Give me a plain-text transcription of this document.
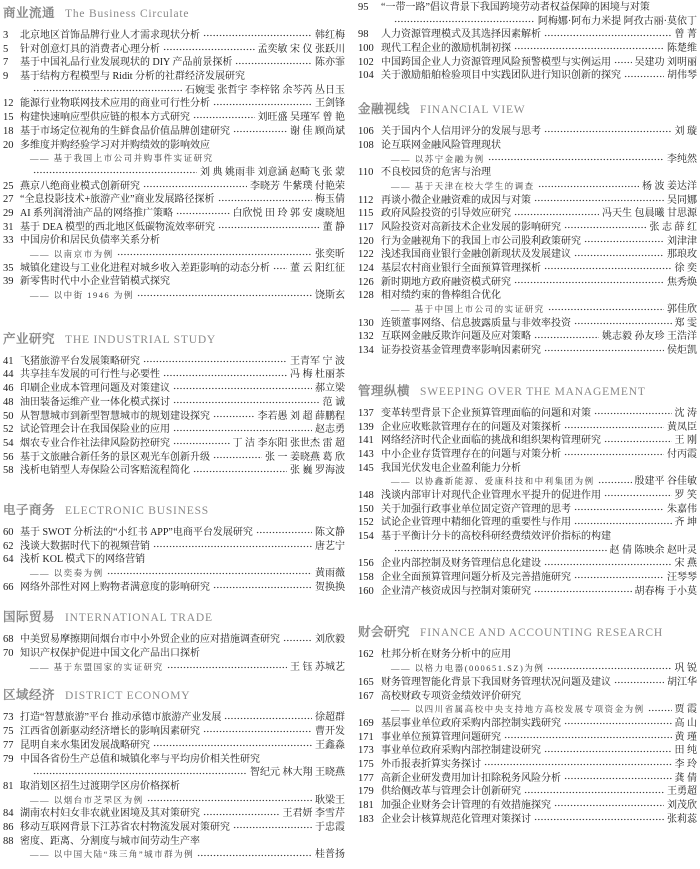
商业流通 The Business Circulate
3	北京地区首饰品牌行业人才需求现状分析	韩红梅
5	针对创意灯具的消费者心理分析	孟奕敏 宋 仪 张跃川
7	基于中国礼品行业发展现状的 DIY 产品前景探析	陈亦霏
9	基于结构方程模型与 Ridit 分析的社群经济发展研究
石婉雯 张哲宇 李梓铭 余芩芮 丛日玉
12 能源行业物联网技术应用的商业可行性分析	王剑锋
15 构建快速响应型供应链的根本方式研究	刘旺盛 吴瑾军 曾 艳
18 基于市场定位视角的生鲜食品价值品牌创建研究	谢 佳 顾尚斌
20 多维度并购经验学习对并购绩效的影响效应
—— 基于我国上市公司并购事件实证研究
刘 典 姚雨非 刘意涵 赵畸飞 张 蒙
25 燕京八绝商业模式创新研究	李晓芳 牛紫璞 付艳荣
27 “全息投影技术+旅游产业”商业发展路径探析	梅玉倩
29 AI 系列润滑油产品的网络推广策略	白欣悦 田 玲 郭 安 虞晓旭
31 基于 DEA 模型的西北地区低碳物流效率研究	董 静
33 中国房价和居民负债率关系分析
—— 以南京市为例	张奕昕
35 城镇化建设与工业化进程对城乡收入差距影响的动态分析 董 云 阳红征
39 新零售时代中小企业营销模式探究
—— 以中街 1946 为例	饶斯玄
产业研究 THE INDUSTRIAL STUDY
41 飞猪旅游平台发展策略研究	王青军 宁 波
44 共享挂车发展的可行性与必要性	冯 梅 杜丽茶
46 印刷企业成本管理问题及对策建议	郝立梁
48 油田装备运维产业一体化模式探讨	范 诚
50 从智慧城市到新型智慧城市的规划建设探究	李若愚 刘 超 薛鹏程
52 试论管理会计在我国保险业的应用	赵志勇
54 烟农专业合作社法律风险防控研究	丁 洁 李东阳 张世杰 雷 超
56 基于文旅融合新任务的景区观光车创新升级	张 一 姜晓燕 葛 欣
58 浅析电销型人寿保险公司客赔流程简化	张 巍 罗海波
电子商务 ELECTRONIC BUSINESS
60 基于 SWOT 分析法的“小红书 APP”电商平台发展研究	陈文静
62 浅谈大数据时代下的视频营销	唐艺宁
64 浅析 KOL 模式下的网络营销
—— 以奕奏为例	黄雨薇
66 网络外部性对网上购物者满意度的影响研究	贺换换
国际贸易 INTERNATIONAL TRADE
68 中美贸易摩擦期间烟台市中小外贸企业的应对措施调查研究	刘欣毅
70 知识产权保护促进中国文化产品出口探析
—— 基于东盟国家的实证研究	王 钰 苏城艺
区域经济 DISTRICT ECONOMY
73 打造“智慧旅游”平台 推动承德市旅游产业发展	徐超群
75 江西省创新驱动经济增长的影响因素研究	曹开发
77 昆明自来水集团发展战略研究	王鑫淼
79 中国各省份生产总值和城镇化率与平均房价相关性研究
智纪元 林大翔 王晓燕
81 取消划区招生过渡期学区房价格探析
—— 以烟台市芝罘区为例	耿梁王
84 湖南农村妇女非农就业困境及其对策研究	王君妍 李雪芹
86 移动互联网背景下江苏省农村物流发展对策研究	于忠霞
88 密度、距离、分割度与城市间劳动生产率
—— 以中国大陆“珠三角”城市群为例	桂普扬
95	“一带一路”倡议背景下我国跨境劳动者权益保障的困境与对策
阿梅娜·阿布力米提 阿孜古丽·莫依丁
98	人力资源管理模式及其选择因素解析	曾 菁
100 现代工程企业的激励机制初探	陈楚维
102 中国跨国企业人力资源管理风险预警模型与实例运用 吴建功 刘明丽
104 关于激励船舶检验项目中实践团队进行知识创新的探究	胡伟琴
金融视线 FINANCIAL VIEW
106 关于国内个人信用评分的发展与思考	刘 璇
108 论互联网金融风险管理现状
—— 以苏宁金融为例	李纯然
110 不良校园贷的危害与治理
—— 基于天津在校大学生的调查	杨 波 姜达洋
112 再谈小微企业融资难的成因与对策	吴同娜
115 政府风险投资的引导效应研究	冯天生 包晨曦 甘思源
117 风险投资对高新技术企业发展的影响研究	张 志 薛 红
120 行为金融视角下的我国上市公司股利政策研究	刘津津
122 浅述我国商业银行金融创新现状及发展建议	那琅玫
124 基层农村商业银行全面预算管理探析	徐 奕
126 新时期地方政府融资模式研究	焦秀焕
128 相对绩约束的鲁棒组合优化
—— 基于中国上市公司的实证研究	郭佳欣
130 连锁董事网络、信息披露质量与非效率投资	郑 雯
132 互联网金融反欺诈问题及应对策略	姚志毅 孙友珍 王浩洋
134 证券投资基金管理费率影响因素研究	侯炬凯
管理纵横 SWEEPING OVER THE MANAGEMENT
137 变革转型背景下企业预算管理面临的问题和对策	沈 涛
139 企业应收账款管理存在的问题及对策探析	黄凤臣
141 网络经济时代企业面临的挑战和组织架构管理研究	王 刚
143 中小企业存货管理存在的问题与对策分析	付丙霞
145 我国光伏发电企业盈利能力分析
—— 以协鑫新能源、爱康科技和中利集团为例	殷建平 谷佳敏
148 浅谈内部审计对现代企业管理水平提升的促进作用	罗 笑
150 关于加强行政事业单位固定资产管理的思考	朱嘉伟
152 试论企业管理中精细化管理的重要性与作用	齐 坤
154 基于平衡计分卡的高校科研经费绩效评价指标的构建
赵 倩 陈映余 赵叶灵
156 企业内部控制及财务管理信息化建设	宋 燕
158 企业全面预算管理问题分析及完善措施研究	汪琴琴
160 企业清产核资成因与控制对策研究	胡春梅 于小莫
财会研究 FINANCE AND ACCOUNTING RESEARCH
162 杜邦分析在财务分析中的应用
—— 以格力电器(000651.SZ)为例	巩 锐
165 财务管理智能化背景下我国财务管理状况问题及建议	胡江华
167 高校财政专项资金绩效评价研究
—— 以四川省属高校中央支持地方高校发展专项资金为例	贾 霞
169 基层事业单位政府采购内部控制实践研究	高 山
171 事业单位预算管理问题研究	黄 瑾
173 事业单位政府采购内部控制建设研究	田 纯
175 外币报表折算实务探讨	李 玲
177 高新企业研发费用加计扣除税务风险分析	龚 倩
179 供给侧改革与管理会计创新研究	王勇超
181 加强企业财务会计管理的有效措施探究	刘茂欣
183 企业会计核算规范化管理对策探讨	张莉蕊
